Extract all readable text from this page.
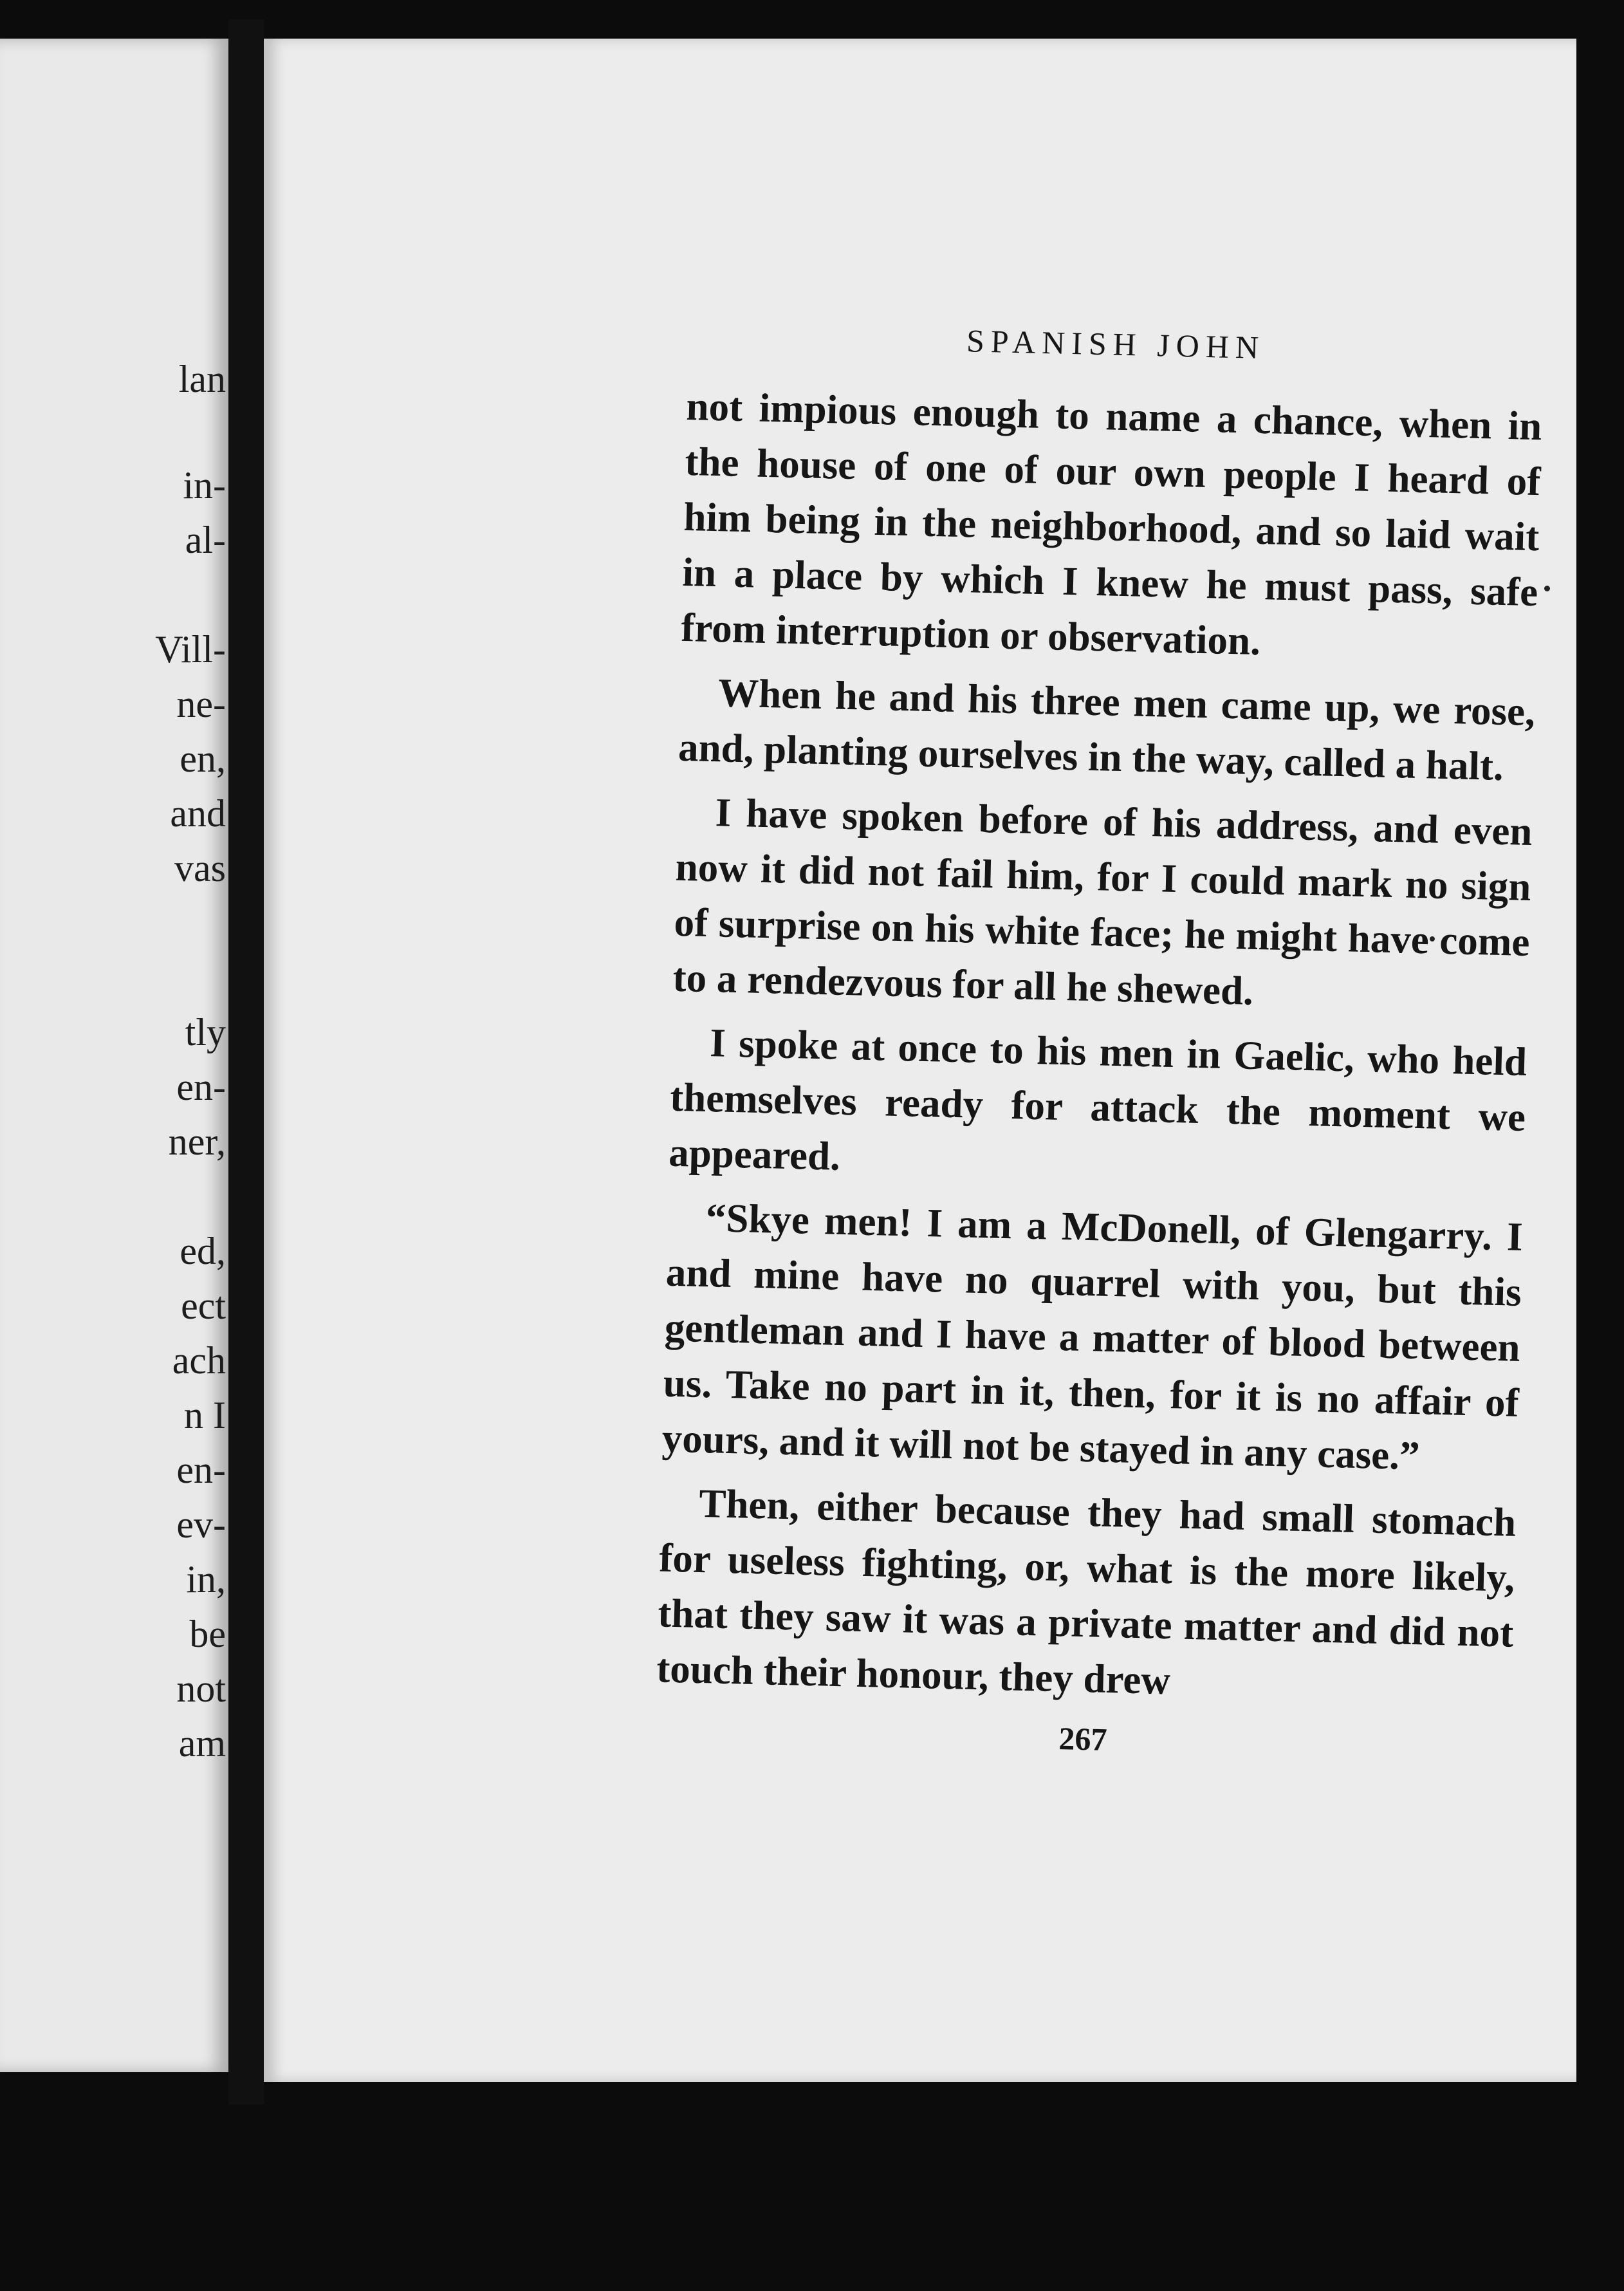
lan

in-

al-

Vill-

ne-

en,

and

vas

tly

en-

ner,

ed,

ect

ach

n I

en-

ev-

in,

be

not

am

SPANISH JOHN

not impious enough to name a chance, when in the house of one of our own people I heard of him being in the neighborhood, and so laid wait in a place by which I knew he must pass, safe from interruption or observation.

When he and his three men came up, we rose, and, planting ourselves in the way, called a halt.

I have spoken before of his address, and even now it did not fail him, for I could mark no sign of surprise on his white face; he might have come to a rendezvous for all he shewed.

I spoke at once to his men in Gaelic, who held themselves ready for attack the moment we appeared.

“Skye men! I am a McDonell, of Glengarry. I and mine have no quarrel with you, but this gentleman and I have a matter of blood between us. Take no part in it, then, for it is no affair of yours, and it will not be stayed in any case.”

Then, either because they had small stomach for useless fighting, or, what is the more likely, that they saw it was a private matter and did not touch their honour, they drew

267
